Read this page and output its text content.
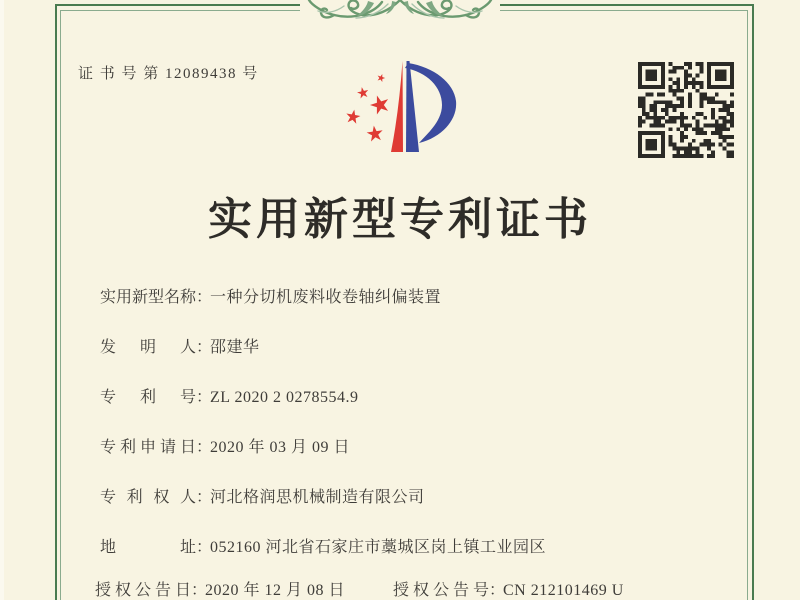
证 书 号 第 12089438 号
实用新型专利证书
实用新型名称：一种分切机废料收卷轴纠偏装置
发明人：邵建华
专利号：ZL 2020 2 0278554.9
专利申请日：2020 年 03 月 09 日
专利权人：河北格润思机械制造有限公司
地址：052160 河北省石家庄市藁城区岗上镇工业园区
授权公告日：2020 年 12 月 08 日	授权公告号：CN 212101469 U
